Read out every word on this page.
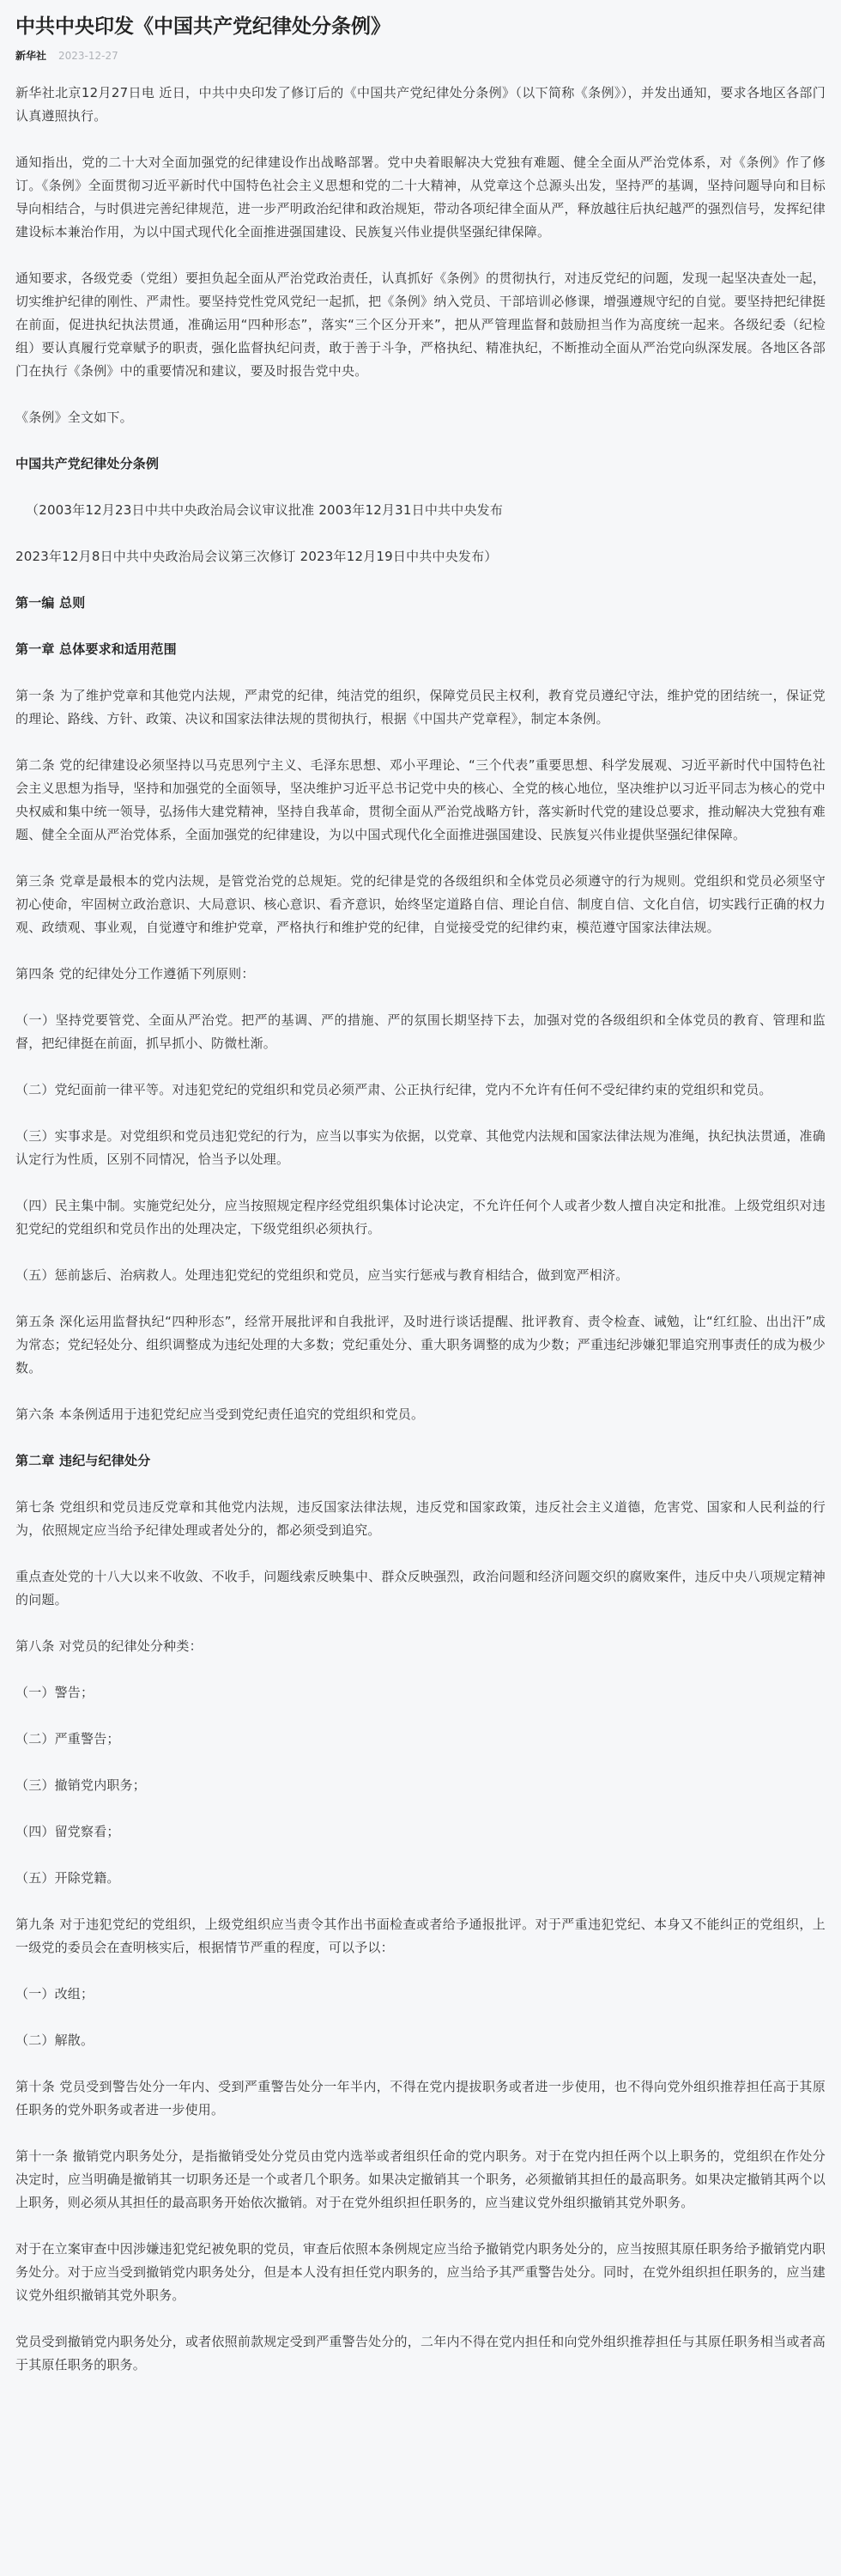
中共中央印发《中国共产党纪律处分条例》
新华社 2023-12-27

新华社北京12月27日电 近日，中共中央印发了修订后的《中国共产党纪律处分条例》（以下简称《条例》），并发出通知，要求各地区各部门认真遵照执行。

通知指出，党的二十大对全面加强党的纪律建设作出战略部署。党中央着眼解决大党独有难题、健全全面从严治党体系，对《条例》作了修订。《条例》全面贯彻习近平新时代中国特色社会主义思想和党的二十大精神，从党章这个总源头出发，坚持严的基调，坚持问题导向和目标导向相结合，与时俱进完善纪律规范，进一步严明政治纪律和政治规矩，带动各项纪律全面从严，释放越往后执纪越严的强烈信号，发挥纪律建设标本兼治作用，为以中国式现代化全面推进强国建设、民族复兴伟业提供坚强纪律保障。

通知要求，各级党委（党组）要担负起全面从严治党政治责任，认真抓好《条例》的贯彻执行，对违反党纪的问题，发现一起坚决查处一起，切实维护纪律的刚性、严肃性。要坚持党性党风党纪一起抓，把《条例》纳入党员、干部培训必修课，增强遵规守纪的自觉。要坚持把纪律挺在前面，促进执纪执法贯通，准确运用“四种形态”，落实“三个区分开来”，把从严管理监督和鼓励担当作为高度统一起来。各级纪委（纪检组）要认真履行党章赋予的职责，强化监督执纪问责，敢于善于斗争，严格执纪、精准执纪，不断推动全面从严治党向纵深发展。各地区各部门在执行《条例》中的重要情况和建议，要及时报告党中央。

《条例》全文如下。

中国共产党纪律处分条例

（2003年12月23日中共中央政治局会议审议批准 2003年12月31日中共中央发布

2023年12月8日中共中央政治局会议第三次修订 2023年12月19日中共中央发布）

第一编 总则

第一章 总体要求和适用范围

第一条 为了维护党章和其他党内法规，严肃党的纪律，纯洁党的组织，保障党员民主权利，教育党员遵纪守法，维护党的团结统一，保证党的理论、路线、方针、政策、决议和国家法律法规的贯彻执行，根据《中国共产党章程》，制定本条例。

第二条 党的纪律建设必须坚持以马克思列宁主义、毛泽东思想、邓小平理论、“三个代表”重要思想、科学发展观、习近平新时代中国特色社会主义思想为指导，坚持和加强党的全面领导，坚决维护习近平总书记党中央的核心、全党的核心地位，坚决维护以习近平同志为核心的党中央权威和集中统一领导，弘扬伟大建党精神，坚持自我革命，贯彻全面从严治党战略方针，落实新时代党的建设总要求，推动解决大党独有难题、健全全面从严治党体系，全面加强党的纪律建设，为以中国式现代化全面推进强国建设、民族复兴伟业提供坚强纪律保障。

第三条 党章是最根本的党内法规，是管党治党的总规矩。党的纪律是党的各级组织和全体党员必须遵守的行为规则。党组织和党员必须坚守初心使命，牢固树立政治意识、大局意识、核心意识、看齐意识，始终坚定道路自信、理论自信、制度自信、文化自信，切实践行正确的权力观、政绩观、事业观，自觉遵守和维护党章，严格执行和维护党的纪律，自觉接受党的纪律约束，模范遵守国家法律法规。

第四条 党的纪律处分工作遵循下列原则：

（一）坚持党要管党、全面从严治党。把严的基调、严的措施、严的氛围长期坚持下去，加强对党的各级组织和全体党员的教育、管理和监督，把纪律挺在前面，抓早抓小、防微杜渐。

（二）党纪面前一律平等。对违犯党纪的党组织和党员必须严肃、公正执行纪律，党内不允许有任何不受纪律约束的党组织和党员。

（三）实事求是。对党组织和党员违犯党纪的行为，应当以事实为依据，以党章、其他党内法规和国家法律法规为准绳，执纪执法贯通，准确认定行为性质，区别不同情况，恰当予以处理。

（四）民主集中制。实施党纪处分，应当按照规定程序经党组织集体讨论决定，不允许任何个人或者少数人擅自决定和批准。上级党组织对违犯党纪的党组织和党员作出的处理决定，下级党组织必须执行。

（五）惩前毖后、治病救人。处理违犯党纪的党组织和党员，应当实行惩戒与教育相结合，做到宽严相济。

第五条 深化运用监督执纪“四种形态”，经常开展批评和自我批评，及时进行谈话提醒、批评教育、责令检查、诫勉，让“红红脸、出出汗”成为常态；党纪轻处分、组织调整成为违纪处理的大多数；党纪重处分、重大职务调整的成为少数；严重违纪涉嫌犯罪追究刑事责任的成为极少数。

第六条 本条例适用于违犯党纪应当受到党纪责任追究的党组织和党员。

第二章 违纪与纪律处分

第七条 党组织和党员违反党章和其他党内法规，违反国家法律法规，违反党和国家政策，违反社会主义道德，危害党、国家和人民利益的行为，依照规定应当给予纪律处理或者处分的，都必须受到追究。

重点查处党的十八大以来不收敛、不收手，问题线索反映集中、群众反映强烈，政治问题和经济问题交织的腐败案件，违反中央八项规定精神的问题。

第八条 对党员的纪律处分种类：

（一）警告；

（二）严重警告；

（三）撤销党内职务；

（四）留党察看；

（五）开除党籍。

第九条 对于违犯党纪的党组织，上级党组织应当责令其作出书面检查或者给予通报批评。对于严重违犯党纪、本身又不能纠正的党组织，上一级党的委员会在查明核实后，根据情节严重的程度，可以予以：

（一）改组；

（二）解散。

第十条 党员受到警告处分一年内、受到严重警告处分一年半内，不得在党内提拔职务或者进一步使用，也不得向党外组织推荐担任高于其原任职务的党外职务或者进一步使用。

第十一条 撤销党内职务处分，是指撤销受处分党员由党内选举或者组织任命的党内职务。对于在党内担任两个以上职务的，党组织在作处分决定时，应当明确是撤销其一切职务还是一个或者几个职务。如果决定撤销其一个职务，必须撤销其担任的最高职务。如果决定撤销其两个以上职务，则必须从其担任的最高职务开始依次撤销。对于在党外组织担任职务的，应当建议党外组织撤销其党外职务。

对于在立案审查中因涉嫌违犯党纪被免职的党员，审查后依照本条例规定应当给予撤销党内职务处分的，应当按照其原任职务给予撤销党内职务处分。对于应当受到撤销党内职务处分，但是本人没有担任党内职务的，应当给予其严重警告处分。同时，在党外组织担任职务的，应当建议党外组织撤销其党外职务。

党员受到撤销党内职务处分，或者依照前款规定受到严重警告处分的，二年内不得在党内担任和向党外组织推荐担任与其原任职务相当或者高于其原任职务的职务。
